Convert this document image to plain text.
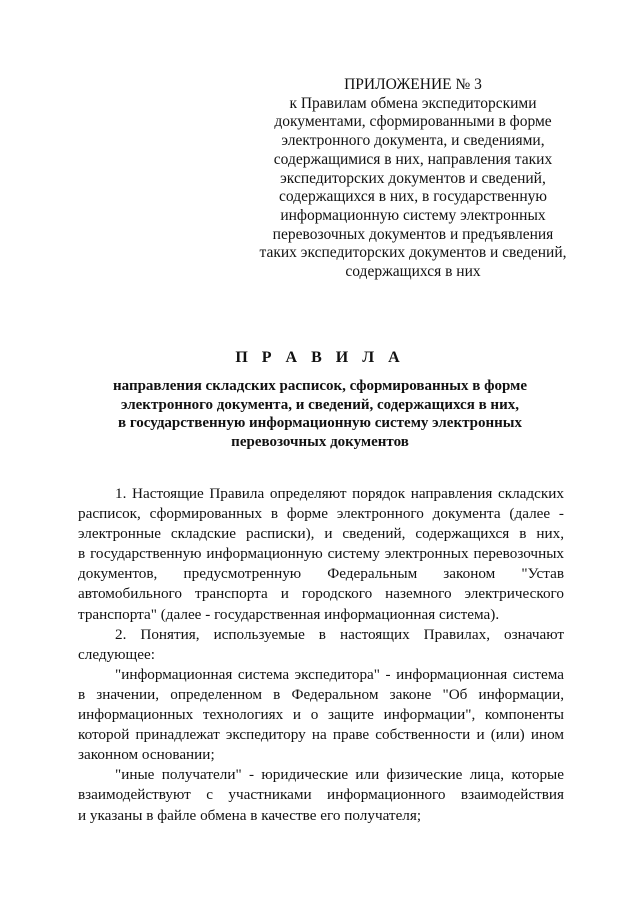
ПРИЛОЖЕНИЕ № 3
к Правилам обмена экспедиторскими
документами, сформированными в форме
электронного документа, и сведениями,
содержащимися в них, направления таких
экспедиторских документов и сведений,
содержащихся в них, в государственную
информационную систему электронных
перевозочных документов и предъявления
таких экспедиторских документов и сведений,
содержащихся в них
П Р А В И Л А
направления складских расписок, сформированных в форме
электронного документа, и сведений, содержащихся в них,
в государственную информационную систему электронных
перевозочных документов
1. Настоящие Правила определяют порядок направления складских
расписок, сформированных в форме электронного документа (далее -
электронные складские расписки), и сведений, содержащихся в них,
в государственную информационную систему электронных перевозочных
документов, предусмотренную Федеральным законом "Устав
автомобильного транспорта и городского наземного электрического
транспорта" (далее - государственная информационная система).
2. Понятия, используемые в настоящих Правилах, означают
следующее:
"информационная система экспедитора" - информационная система
в значении, определенном в Федеральном законе "Об информации,
информационных технологиях и о защите информации", компоненты
которой принадлежат экспедитору на праве собственности и (или) ином
законном основании;
"иные получатели" - юридические или физические лица, которые
взаимодействуют с участниками информационного взаимодействия
и указаны в файле обмена в качестве его получателя;
